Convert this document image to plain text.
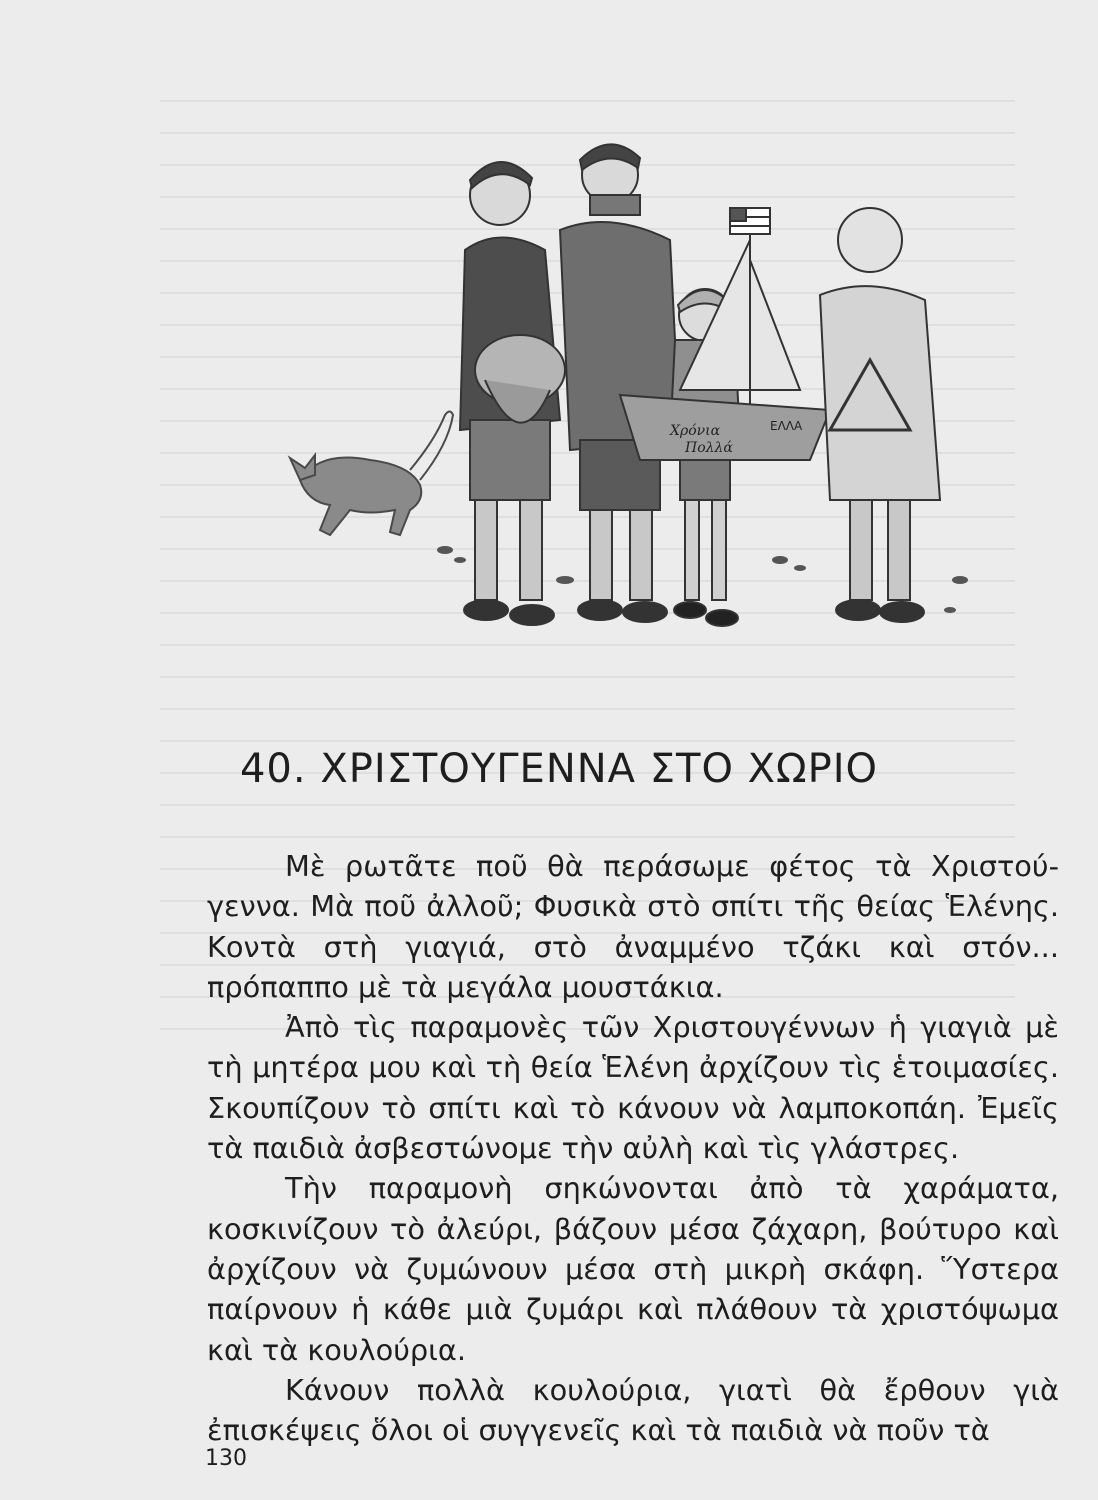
Χρόνια
Πολλά
ΕΛΛΑ
40. ΧΡΙΣΤΟΥΓΕΝΝΑ ΣΤΟ ΧΩΡΙΟ

Μὲ ρωτᾶτε ποῦ θὰ περάσωμε φέτος τὰ Χριστούγεννα. Μὰ ποῦ ἀλλοῦ; Φυσικὰ στὸ σπίτι τῆς θείας Ἑλένης. Κοντὰ στὴ γιαγιά, στὸ ἀναμμένο τζάκι καὶ στόν... πρόπαππο μὲ τὰ μεγάλα μουστάκια.

Ἀπὸ τὶς παραμονὲς τῶν Χριστουγέννων ἡ γιαγιὰ μὲ τὴ μητέρα μου καὶ τὴ θεία Ἑλένη ἀρχίζουν τὶς ἑτοιμασίες. Σκουπίζουν τὸ σπίτι καὶ τὸ κάνουν νὰ λαμποκοπάη. Ἐμεῖς τὰ παιδιὰ ἀσβεστώνομε τὴν αὐλὴ καὶ τὶς γλάστρες.

Τὴν παραμονὴ σηκώνονται ἀπὸ τὰ χαράματα, κοσκινίζουν τὸ ἀλεύρι, βάζουν μέσα ζάχαρη, βούτυρο καὶ ἀρχίζουν νὰ ζυμώνουν μέσα στὴ μικρὴ σκάφη. Ὕστερα παίρνουν ἡ κάθε μιὰ ζυμάρι καὶ πλάθουν τὰ χριστόψωμα καὶ τὰ κουλούρια.

Κάνουν πολλὰ κουλούρια, γιατὶ θὰ ἔρθουν γιὰ ἐπισκέψεις ὅλοι οἱ συγγενεῖς καὶ τὰ παιδιὰ νὰ ποῦν τὰ

130
